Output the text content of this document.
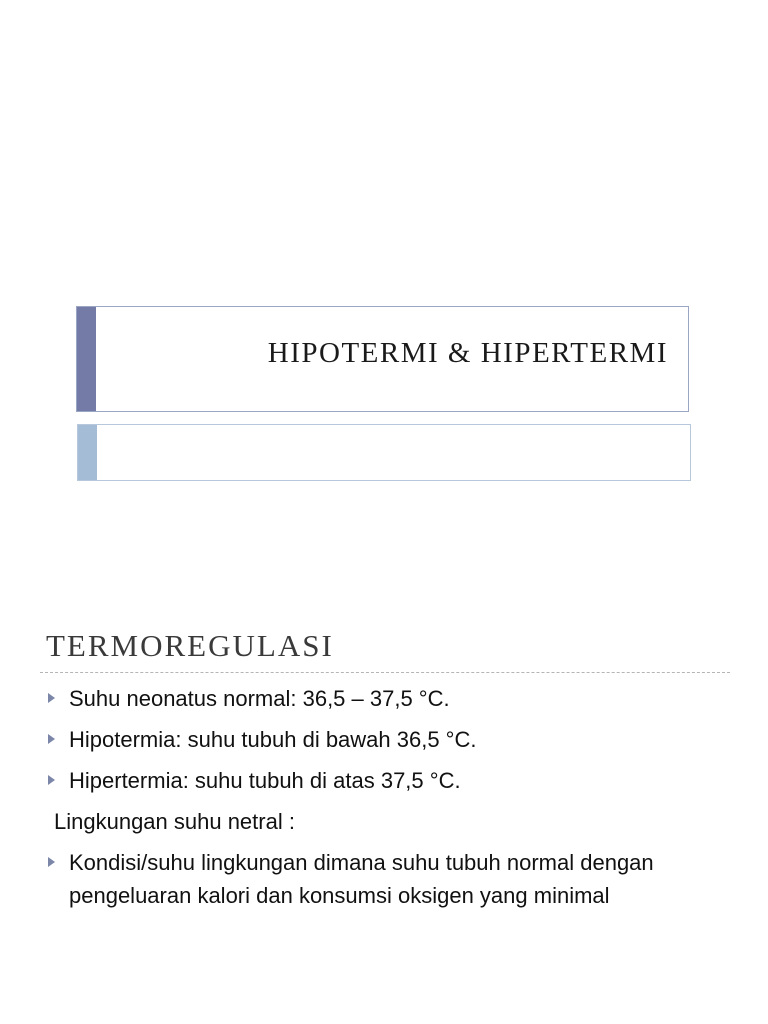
HIPOTERMI & HIPERTERMI
TERMOREGULASI
Suhu neonatus normal: 36,5 – 37,5 °C.
Hipotermia: suhu tubuh di bawah 36,5 °C.
Hipertermia: suhu tubuh di atas 37,5 °C.
Lingkungan suhu netral :
Kondisi/suhu lingkungan dimana suhu tubuh normal dengan pengeluaran kalori dan konsumsi oksigen yang minimal
